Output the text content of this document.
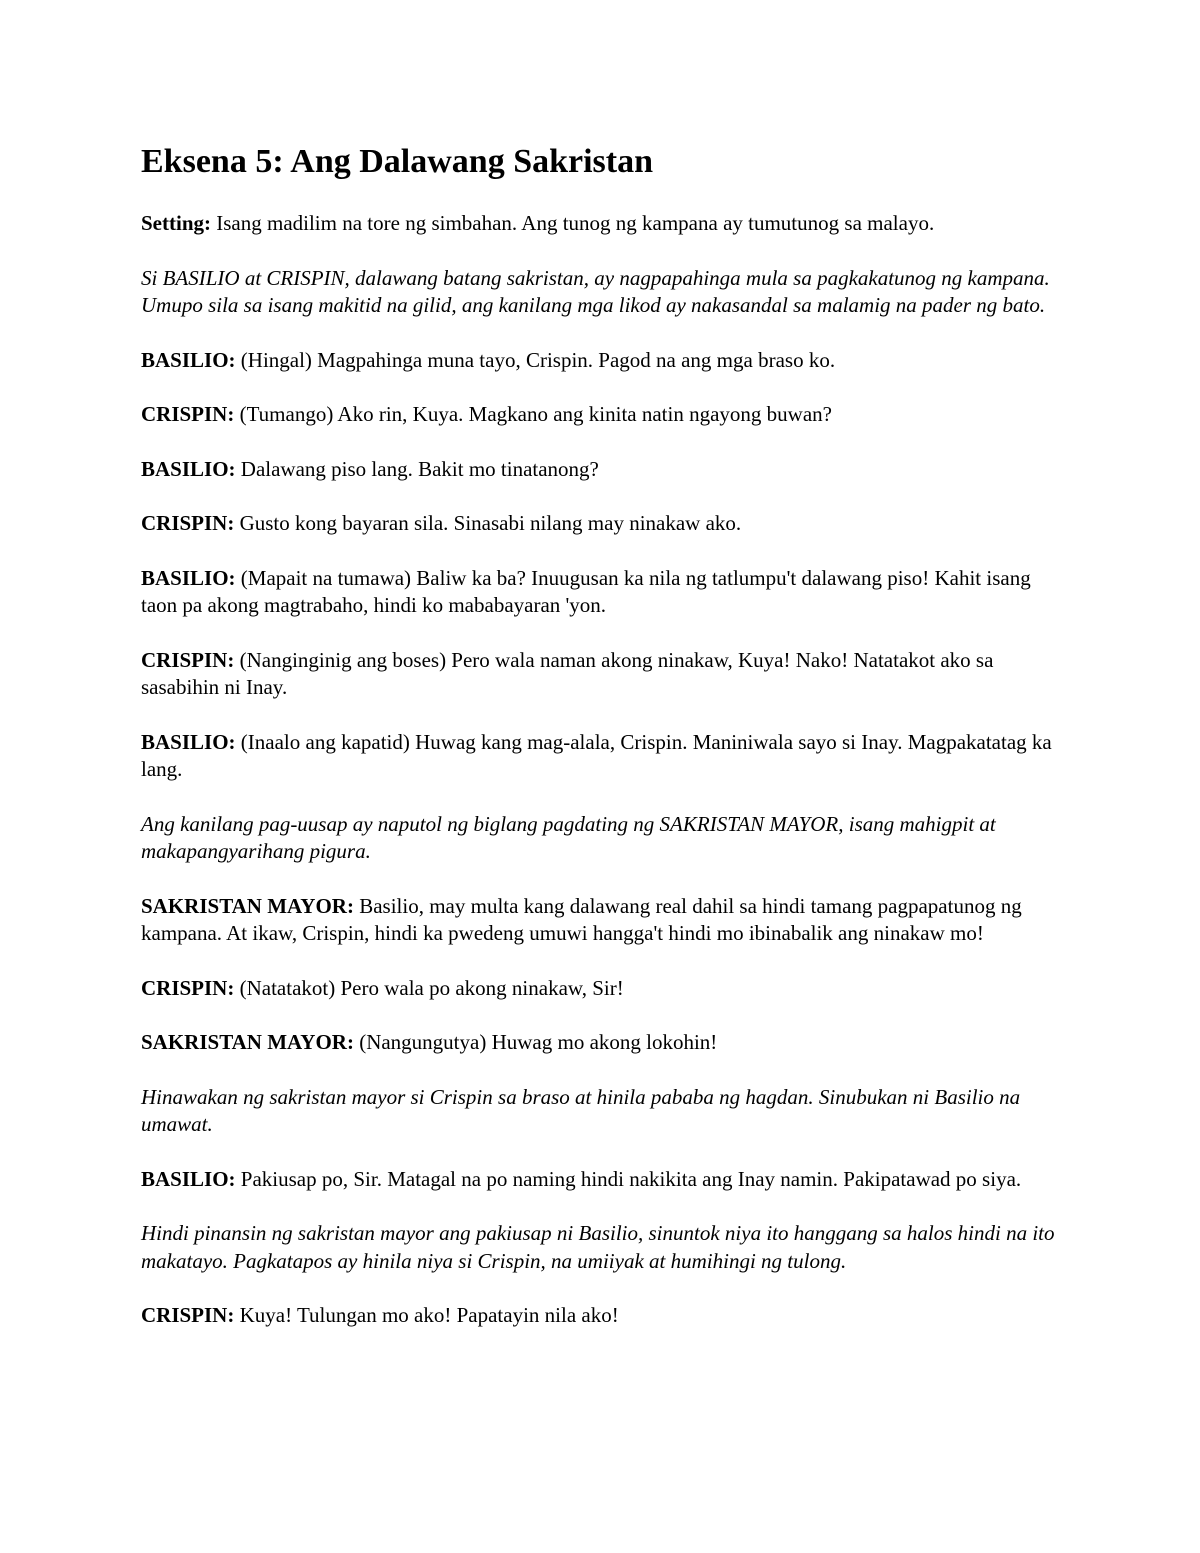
Eksena 5: Ang Dalawang Sakristan

Setting: Isang madilim na tore ng simbahan. Ang tunog ng kampana ay tumutunog sa malayo.

Si BASILIO at CRISPIN, dalawang batang sakristan, ay nagpapahinga mula sa pagkakatunog ng kampana. Umupo sila sa isang makitid na gilid, ang kanilang mga likod ay nakasandal sa malamig na pader ng bato.

BASILIO: (Hingal) Magpahinga muna tayo, Crispin. Pagod na ang mga braso ko.

CRISPIN: (Tumango) Ako rin, Kuya. Magkano ang kinita natin ngayong buwan?

BASILIO: Dalawang piso lang. Bakit mo tinatanong?

CRISPIN: Gusto kong bayaran sila. Sinasabi nilang may ninakaw ako.

BASILIO: (Mapait na tumawa) Baliw ka ba? Inuugusan ka nila ng tatlumpu't dalawang piso! Kahit isang taon pa akong magtrabaho, hindi ko mababayaran 'yon.

CRISPIN: (Nanginginig ang boses) Pero wala naman akong ninakaw, Kuya! Nako! Natatakot ako sa sasabihin ni Inay.

BASILIO: (Inaalo ang kapatid) Huwag kang mag-alala, Crispin. Maniniwala sayo si Inay. Magpakatatag ka lang.

Ang kanilang pag-uusap ay naputol ng biglang pagdating ng SAKRISTAN MAYOR, isang mahigpit at makapangyarihang pigura.

SAKRISTAN MAYOR: Basilio, may multa kang dalawang real dahil sa hindi tamang pagpapatunog ng kampana. At ikaw, Crispin, hindi ka pwedeng umuwi hangga't hindi mo ibinabalik ang ninakaw mo!

CRISPIN: (Natatakot) Pero wala po akong ninakaw, Sir!

SAKRISTAN MAYOR: (Nangungutya) Huwag mo akong lokohin!

Hinawakan ng sakristan mayor si Crispin sa braso at hinila pababa ng hagdan. Sinubukan ni Basilio na umawat.

BASILIO: Pakiusap po, Sir. Matagal na po naming hindi nakikita ang Inay namin. Pakipatawad po siya.

Hindi pinansin ng sakristan mayor ang pakiusap ni Basilio, sinuntok niya ito hanggang sa halos hindi na ito makatayo. Pagkatapos ay hinila niya si Crispin, na umiiyak at humihingi ng tulong.

CRISPIN: Kuya! Tulungan mo ako! Papatayin nila ako!
